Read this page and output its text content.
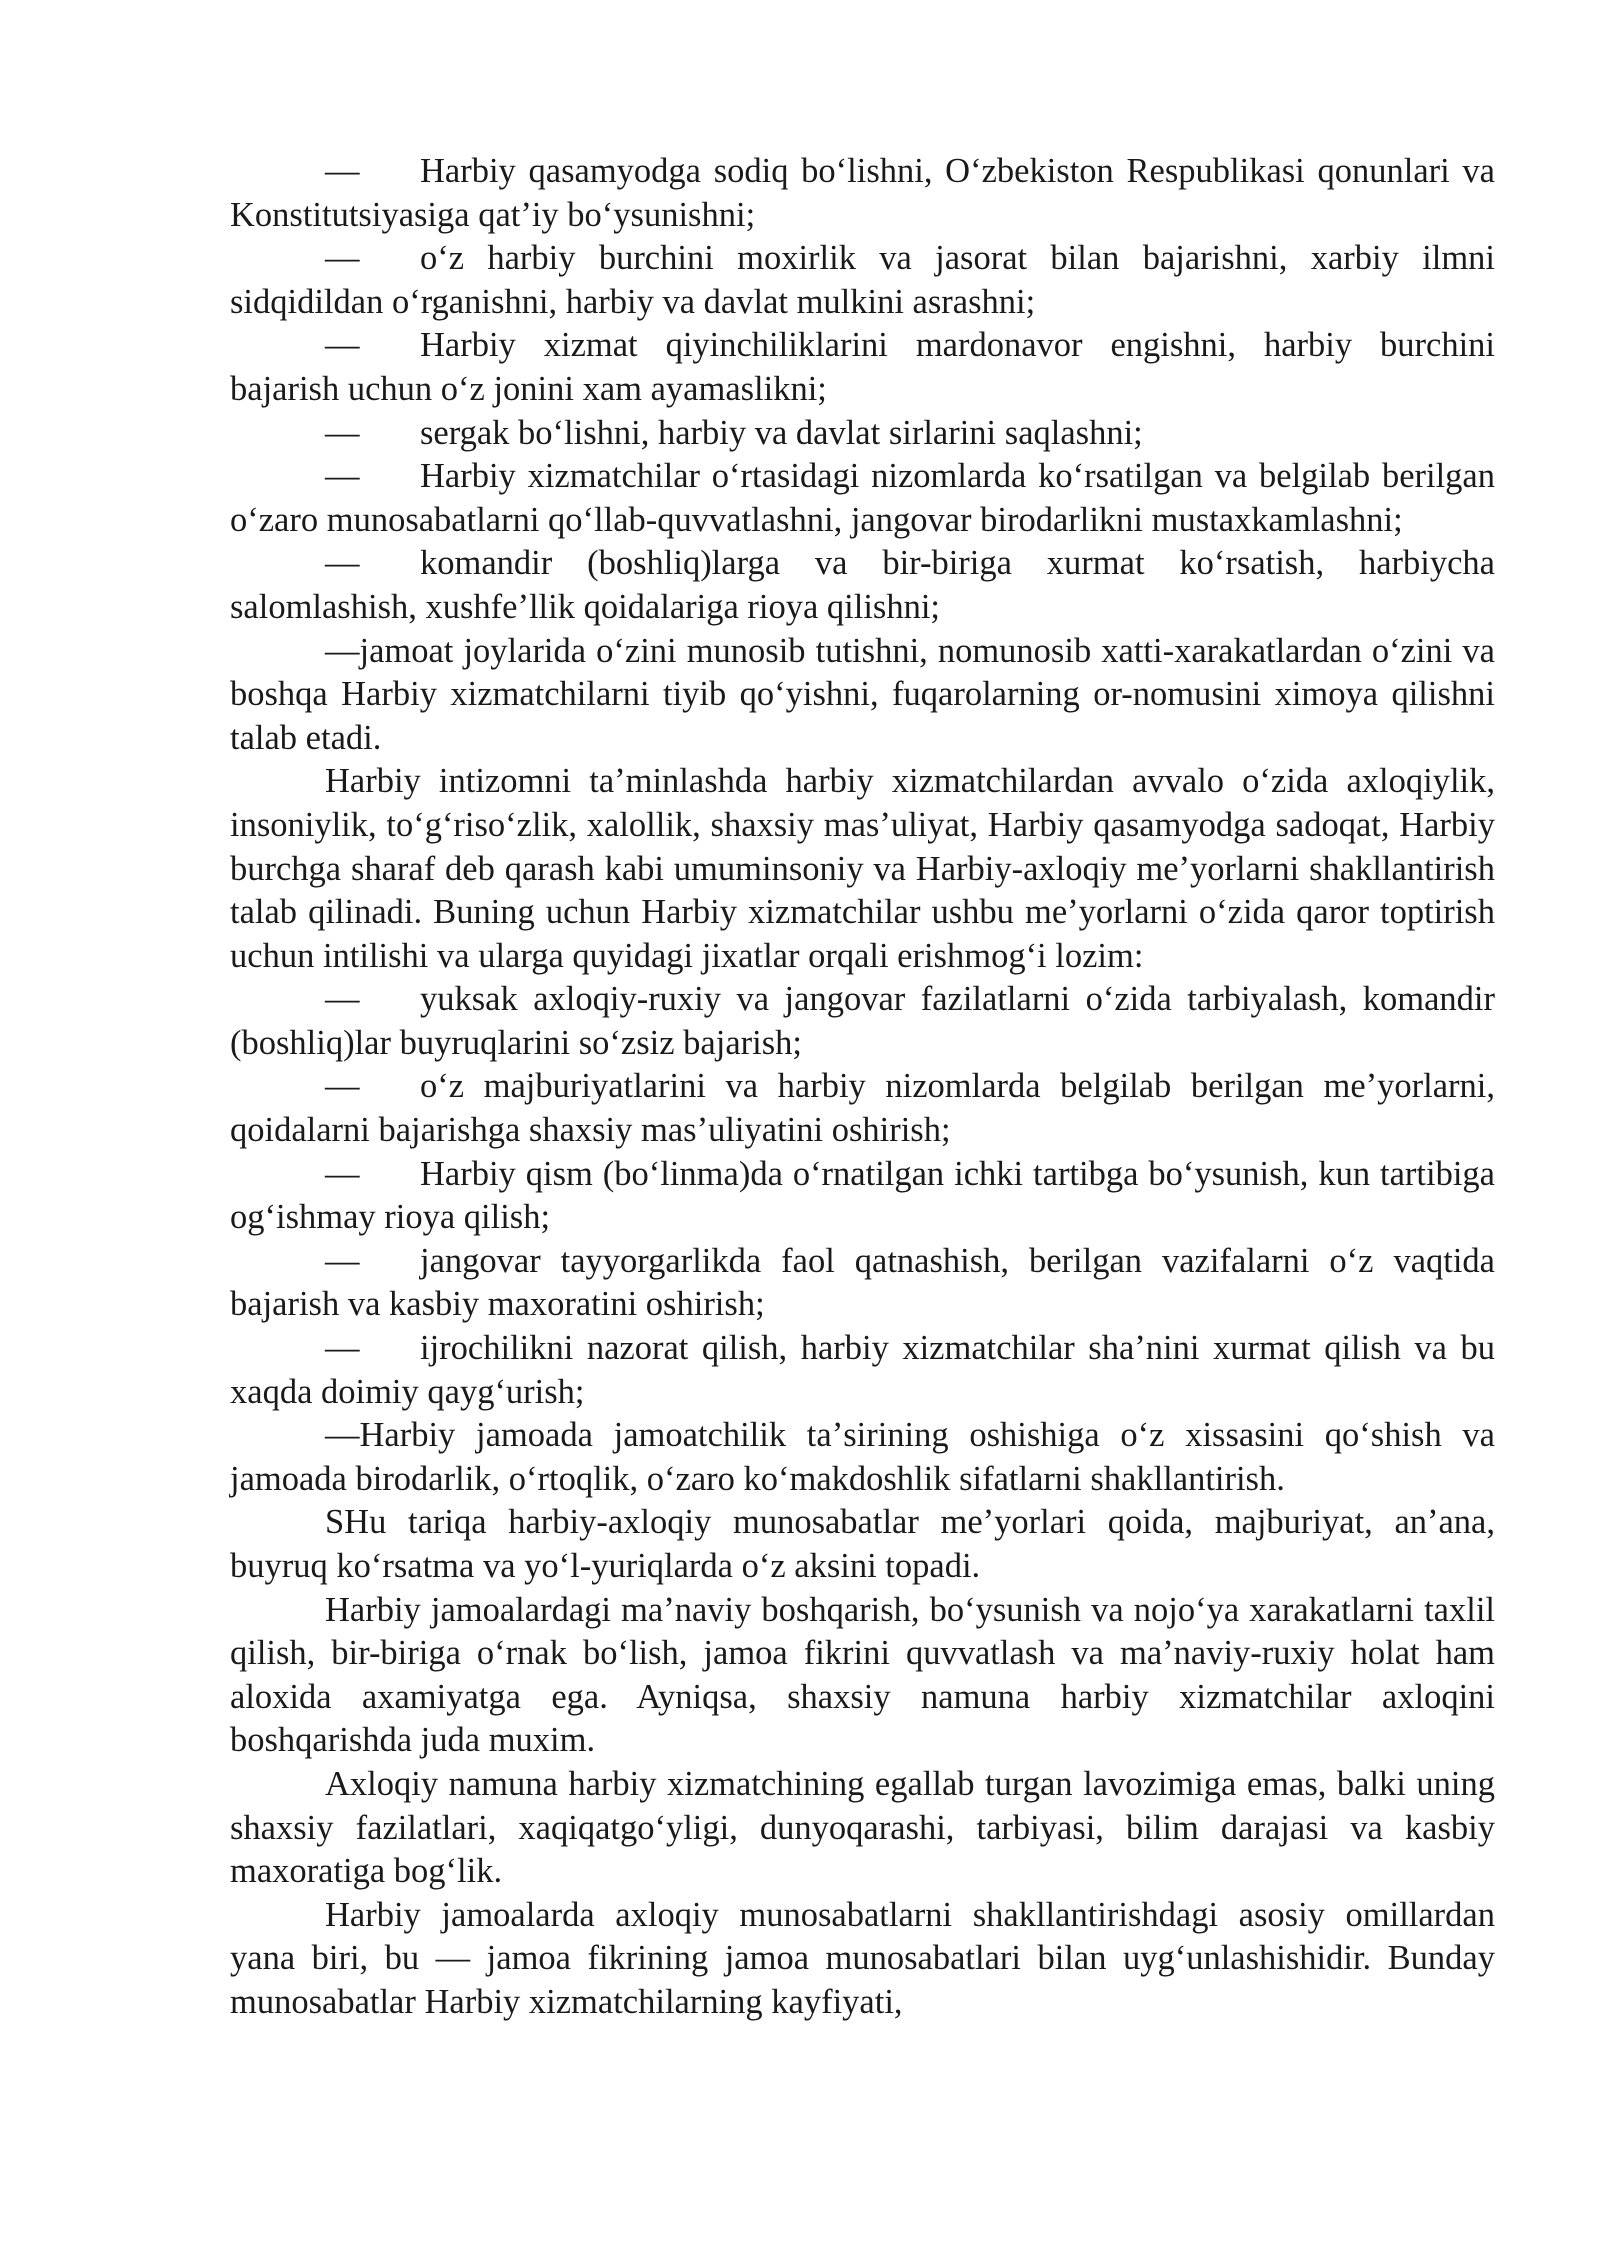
— Harbiy qasamyodga sodiq boʻlishni, Oʻzbekiston Respublikasi qonunlari va Konstitutsiyasiga qatʼiy boʻysunishni;

— oʻz harbiy burchini moxirlik va jasorat bilan bajarishni, xarbiy ilmni sidqidildan oʻrganishni, harbiy va davlat mulkini asrashni;

— Harbiy xizmat qiyinchiliklarini mardonavor engishni, harbiy burchini bajarish uchun oʻz jonini xam ayamaslikni;

— sergak boʻlishni, harbiy va davlat sirlarini saqlashni;

— Harbiy xizmatchilar oʻrtasidagi nizomlarda koʻrsatilgan va belgilab berilgan oʻzaro munosabatlarni qoʻllab-quvvatlashni, jangovar birodarlikni mustaxkamlashni;

— komandir (boshliq)larga va bir-biriga xurmat koʻrsatish, harbiycha salomlashish, xushfeʼllik qoidalariga rioya qilishni;

—jamoat joylarida oʻzini munosib tutishni, nomunosib xatti-xarakatlardan oʻzini va boshqa Harbiy xizmatchilarni tiyib qoʻyishni, fuqarolarning or-nomusini ximoya qilishni talab etadi.

Harbiy intizomni taʼminlashda harbiy xizmatchilardan avvalo oʻzida axloqiylik, insoniylik, toʻgʻrisoʻzlik, xalollik, shaxsiy masʼuliyat, Harbiy qasamyodga sadoqat, Harbiy burchga sharaf deb qarash kabi umuminsoniy va Harbiy-axloqiy meʼyorlarni shakllantirish talab qilinadi. Buning uchun Harbiy xizmatchilar ushbu meʼyorlarni oʻzida qaror toptirish uchun intilishi va ularga quyidagi jixatlar orqali erishmogʻi lozim:

— yuksak axloqiy-ruxiy va jangovar fazilatlarni oʻzida tarbiyalash, komandir (boshliq)lar buyruqlarini soʻzsiz bajarish;

— oʻz majburiyatlarini va harbiy nizomlarda belgilab berilgan meʼyorlarni, qoidalarni bajarishga shaxsiy masʼuliyatini oshirish;

— Harbiy qism (boʻlinma)da oʻrnatilgan ichki tartibga boʻysunish, kun tartibiga ogʻishmay rioya qilish;

— jangovar tayyorgarlikda faol qatnashish, berilgan vazifalarni oʻz vaqtida bajarish va kasbiy maxoratini oshirish;

— ijrochilikni nazorat qilish, harbiy xizmatchilar shaʼnini xurmat qilish va bu xaqda doimiy qaygʻurish;

—Harbiy jamoada jamoatchilik taʼsirining oshishiga oʻz xissasini qoʻshish va jamoada birodarlik, oʻrtoqlik, oʻzaro koʻmakdoshlik sifatlarni shakllantirish.

SHu tariqa harbiy-axloqiy munosabatlar meʼyorlari qoida, majburiyat, anʼana, buyruq koʻrsatma va yoʻl-yuriqlarda oʻz aksini topadi.

Harbiy jamoalardagi maʼnaviy boshqarish, boʻysunish va nojoʻya xarakatlarni taxlil qilish, bir-biriga oʻrnak boʻlish, jamoa fikrini quvvatlash va maʼnaviy-ruxiy holat ham aloxida axamiyatga ega. Ayniqsa, shaxsiy namuna harbiy xizmatchilar axloqini boshqarishda juda muxim.

Axloqiy namuna harbiy xizmatchining egallab turgan lavozimiga emas, balki uning shaxsiy fazilatlari, xaqiqatgoʻyligi, dunyoqarashi, tarbiyasi, bilim darajasi va kasbiy maxoratiga bogʻlik.

Harbiy jamoalarda axloqiy munosabatlarni shakllantirishdagi asosiy omillardan yana biri, bu — jamoa fikrining jamoa munosabatlari bilan uygʻunlashishidir. Bunday munosabatlar Harbiy xizmatchilarning kayfiyati,
